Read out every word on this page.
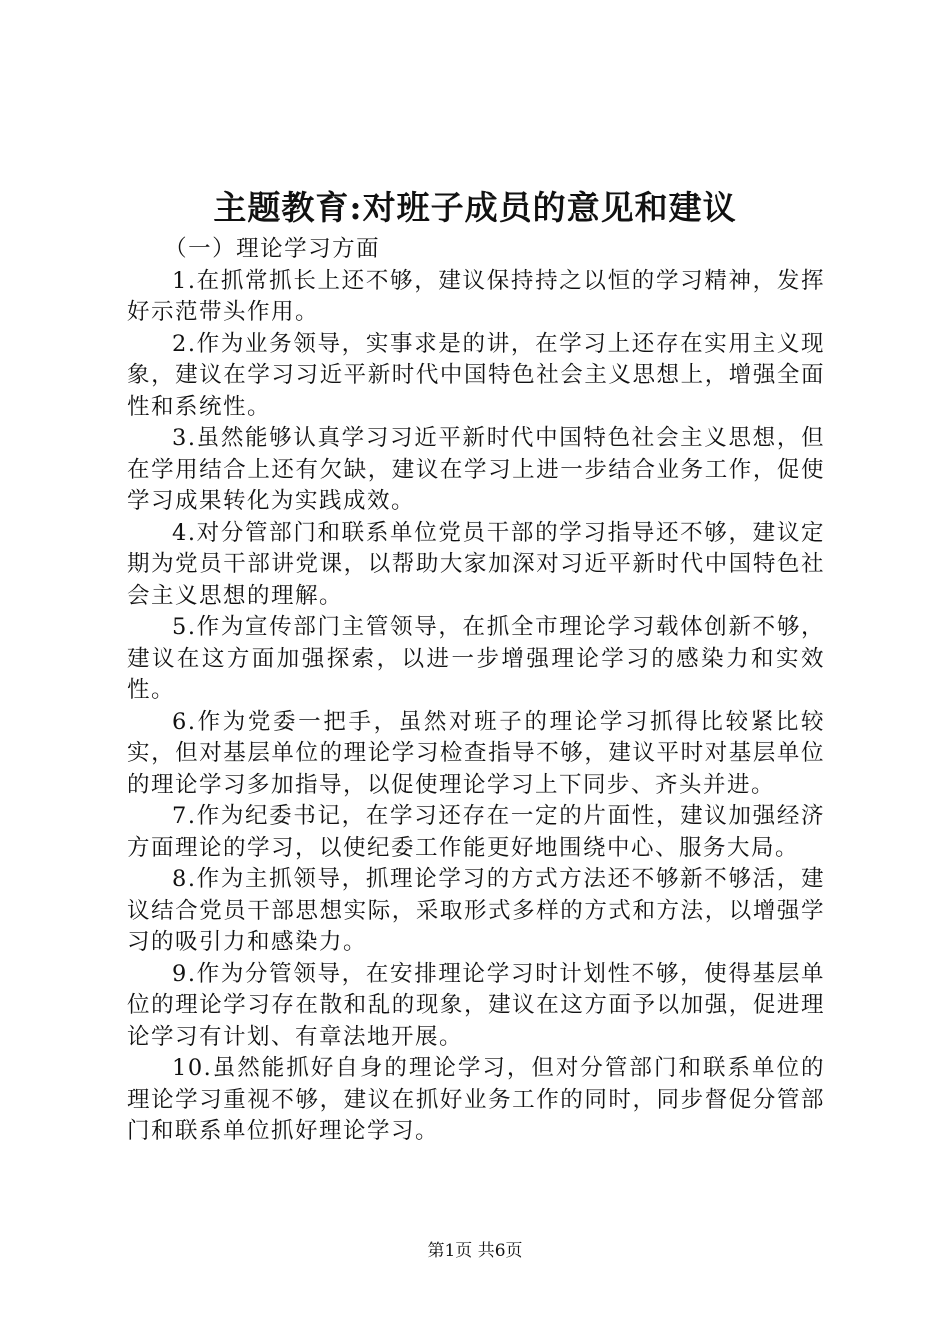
主题教育:对班子成员的意见和建议

（一）理论学习方面

1.在抓常抓长上还不够，建议保持持之以恒的学习精神，发挥好示范带头作用。

2.作为业务领导，实事求是的讲，在学习上还存在实用主义现象，建议在学习习近平新时代中国特色社会主义思想上，增强全面性和系统性。

3.虽然能够认真学习习近平新时代中国特色社会主义思想，但在学用结合上还有欠缺，建议在学习上进一步结合业务工作，促使学习成果转化为实践成效。

4.对分管部门和联系单位党员干部的学习指导还不够，建议定期为党员干部讲党课，以帮助大家加深对习近平新时代中国特色社会主义思想的理解。

5.作为宣传部门主管领导，在抓全市理论学习载体创新不够，建议在这方面加强探索，以进一步增强理论学习的感染力和实效性。

6.作为党委一把手，虽然对班子的理论学习抓得比较紧比较实，但对基层单位的理论学习检查指导不够，建议平时对基层单位的理论学习多加指导，以促使理论学习上下同步、齐头并进。

7.作为纪委书记，在学习还存在一定的片面性，建议加强经济方面理论的学习，以使纪委工作能更好地围绕中心、服务大局。

8.作为主抓领导，抓理论学习的方式方法还不够新不够活，建议结合党员干部思想实际，采取形式多样的方式和方法，以增强学习的吸引力和感染力。

9.作为分管领导，在安排理论学习时计划性不够，使得基层单位的理论学习存在散和乱的现象，建议在这方面予以加强，促进理论学习有计划、有章法地开展。

10.虽然能抓好自身的理论学习，但对分管部门和联系单位的理论学习重视不够，建议在抓好业务工作的同时，同步督促分管部门和联系单位抓好理论学习。

第1页 共6页
